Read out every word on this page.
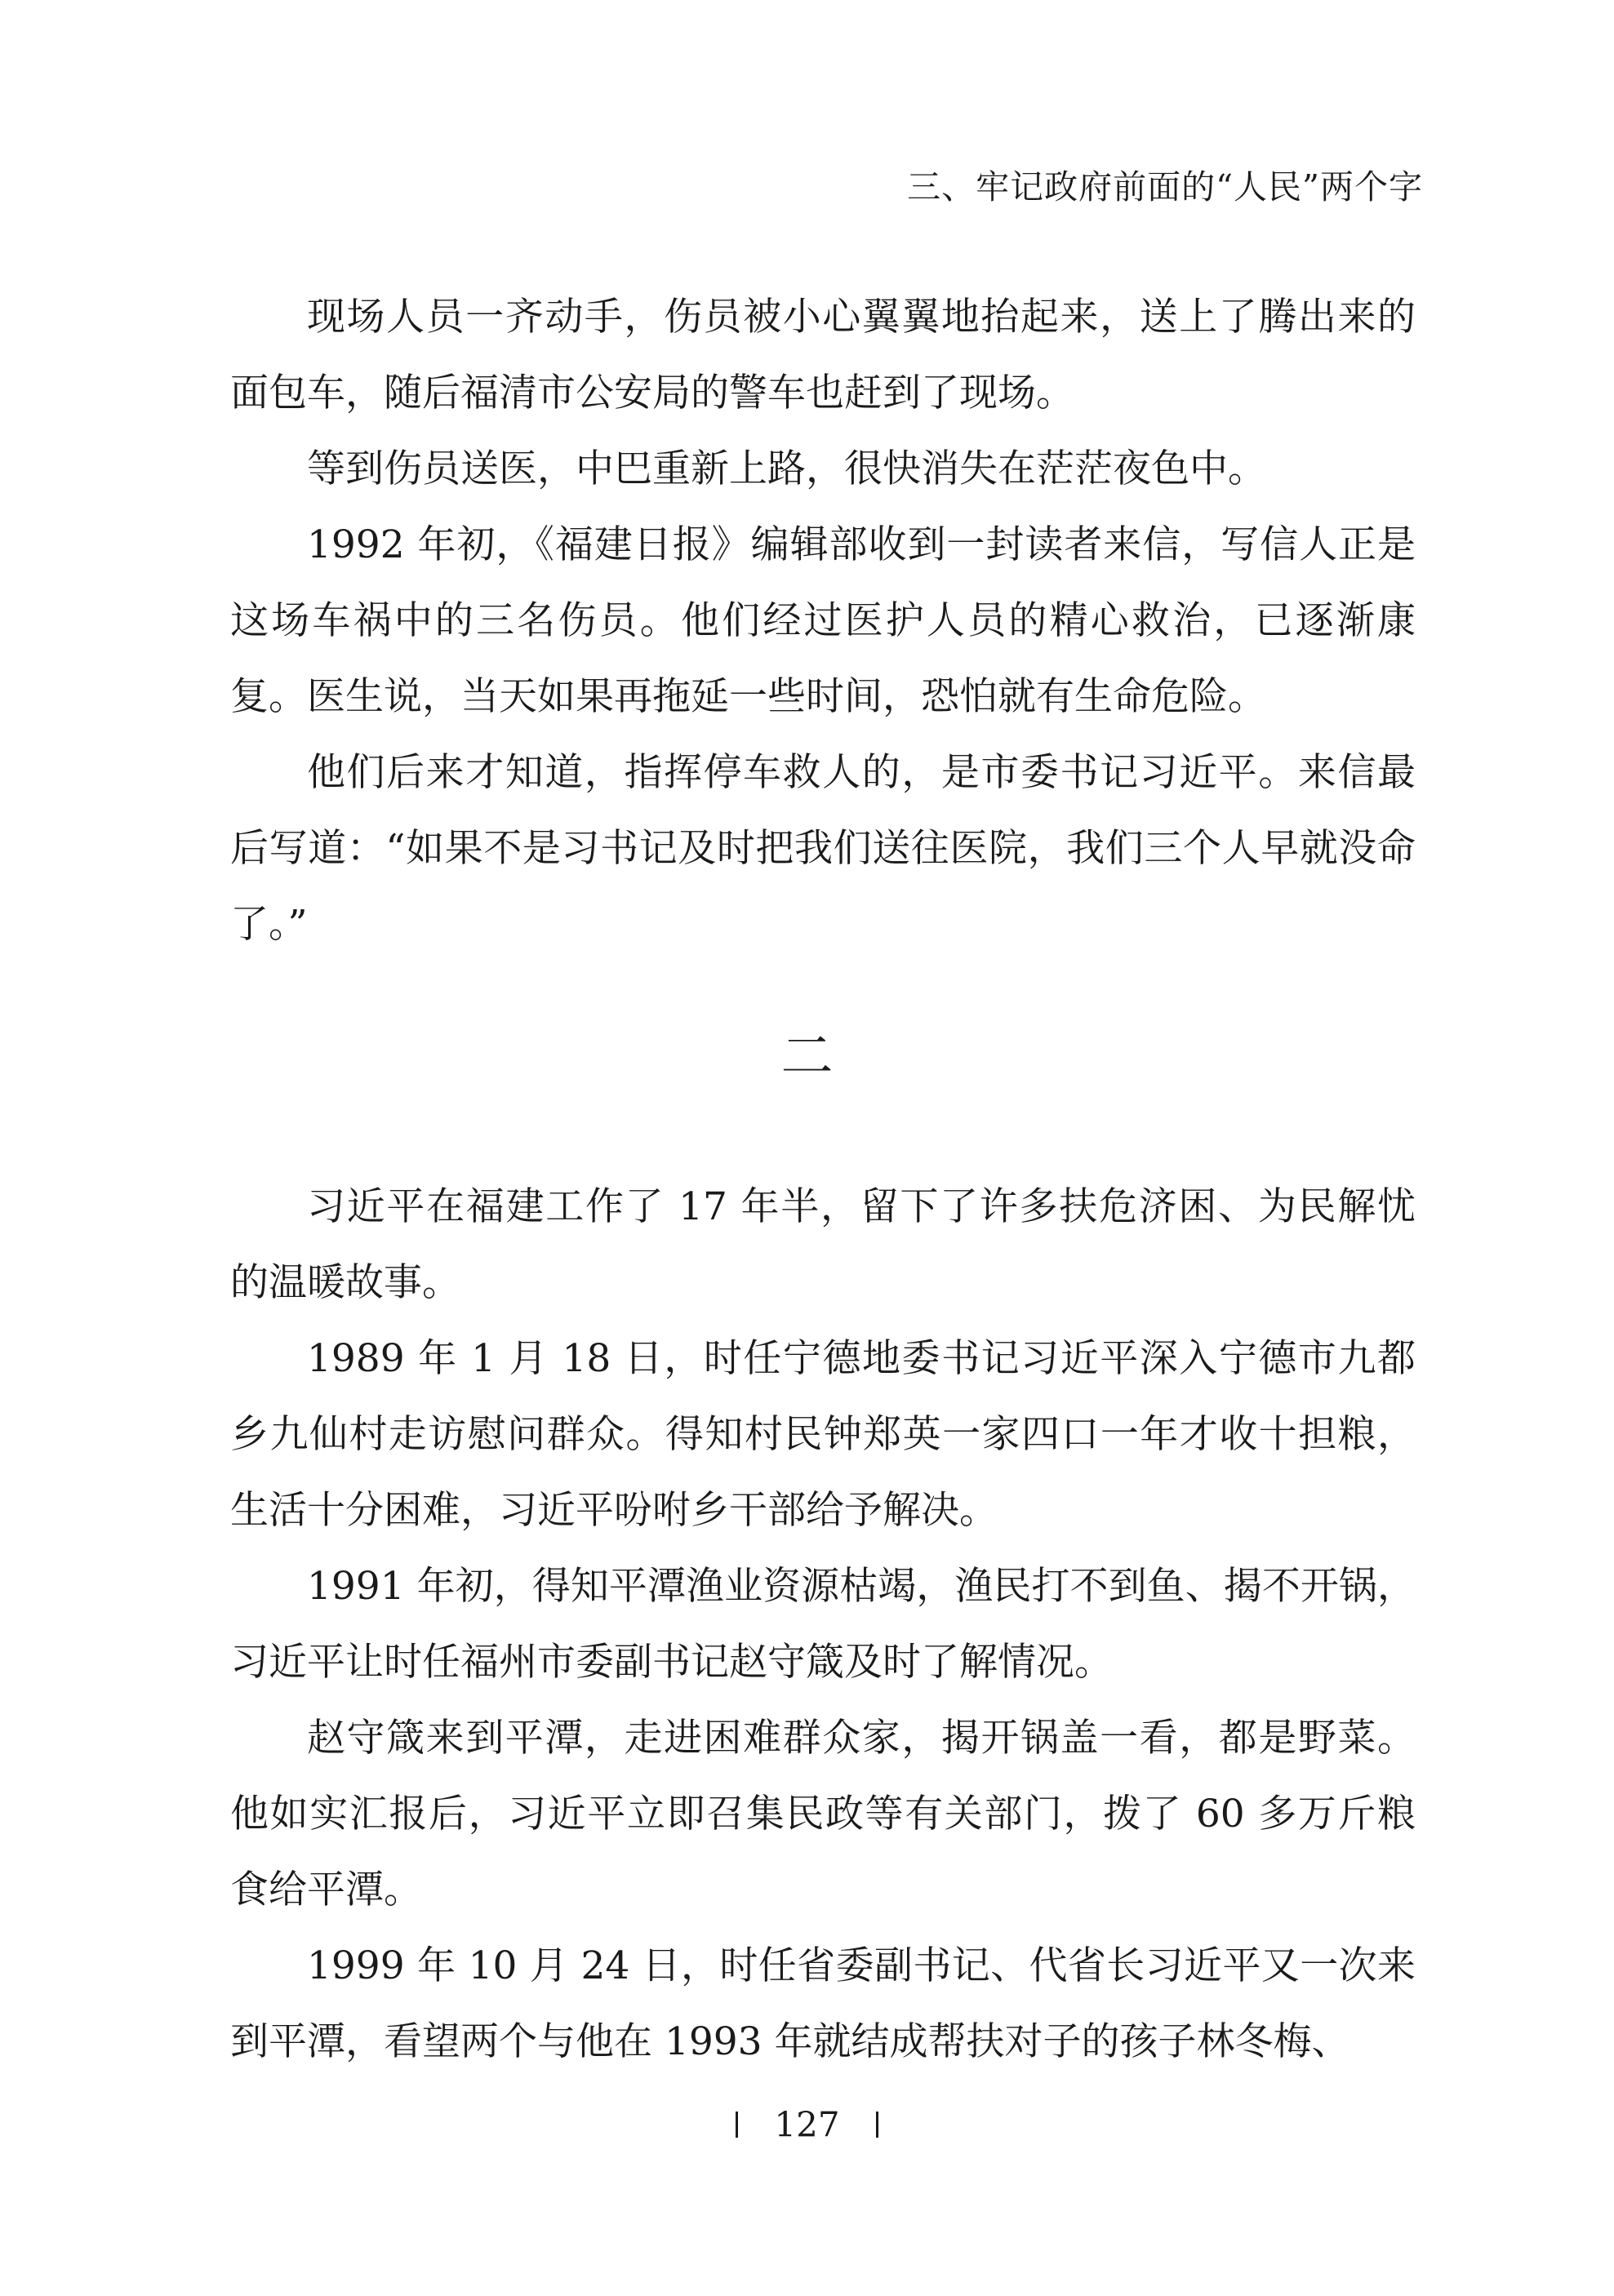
三、牢记政府前面的“人民”两个字

现场人员一齐动手，伤员被小心翼翼地抬起来，送上了腾出来的面包车，随后福清市公安局的警车也赶到了现场。

等到伤员送医，中巴重新上路，很快消失在茫茫夜色中。

1992 年初，《福建日报》编辑部收到一封读者来信，写信人正是这场车祸中的三名伤员。他们经过医护人员的精心救治，已逐渐康复。医生说，当天如果再拖延一些时间，恐怕就有生命危险。

他们后来才知道，指挥停车救人的，是市委书记习近平。来信最后写道：“如果不是习书记及时把我们送往医院，我们三个人早就没命了。”

二

习近平在福建工作了 17 年半，留下了许多扶危济困、为民解忧的温暖故事。

1989 年 1 月 18 日，时任宁德地委书记习近平深入宁德市九都乡九仙村走访慰问群众。得知村民钟郑英一家四口一年才收十担粮，生活十分困难，习近平吩咐乡干部给予解决。

1991 年初，得知平潭渔业资源枯竭，渔民打不到鱼、揭不开锅，习近平让时任福州市委副书记赵守箴及时了解情况。

赵守箴来到平潭，走进困难群众家，揭开锅盖一看，都是野菜。他如实汇报后，习近平立即召集民政等有关部门，拨了 60 多万斤粮食给平潭。

1999 年 10 月 24 日，时任省委副书记、代省长习近平又一次来到平潭，看望两个与他在 1993 年就结成帮扶对子的孩子林冬梅、

127
